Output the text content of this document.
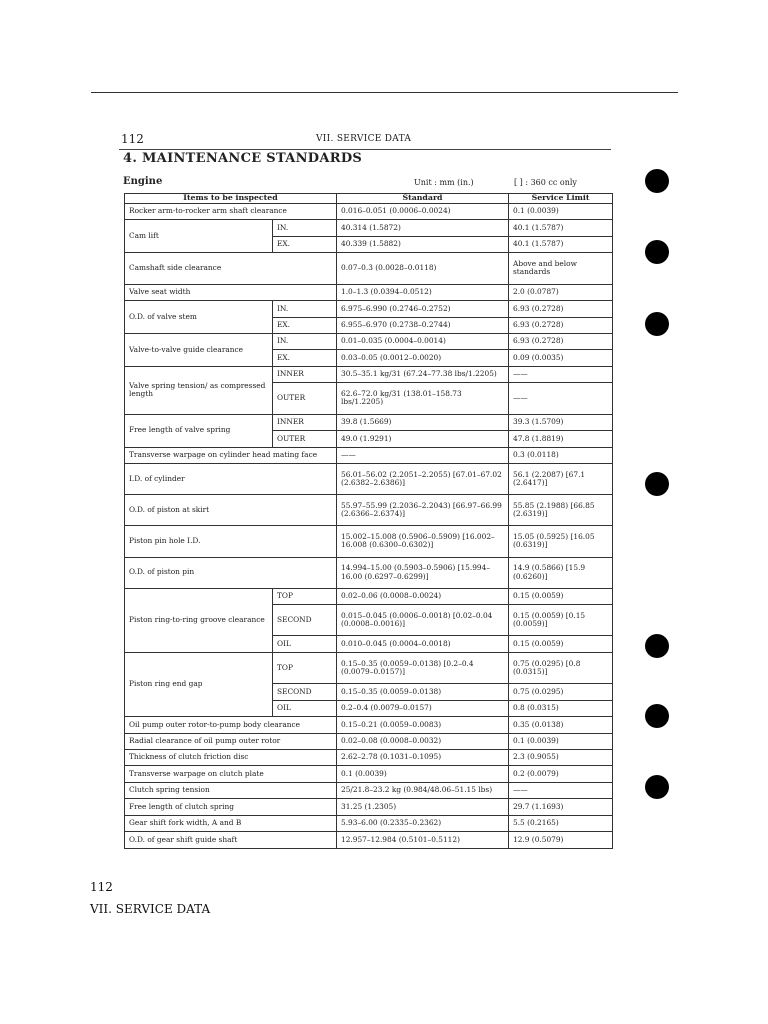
112	VII. SERVICE DATA
4. MAINTENANCE STANDARDS
Engine	Unit : mm (in.)	[ ] : 360 cc only
Items to be inspected		Standard	Service Limit
Rocker arm-to-rocker arm shaft clearance		0.016–0.051 (0.0006–0.0024)	0.1 (0.0039)
Cam lift	IN.	40.314 (1.5872)	40.1 (1.5787)
	EX.	40.339 (1.5882)	40.1 (1.5787)
Camshaft side clearance		0.07–0.3 (0.0028–0.0118)	Above and below standards
Valve seat width		1.0–1.3 (0.0394–0.0512)	2.0 (0.0787)
O.D. of valve stem	IN.	6.975–6.990 (0.2746–0.2752)	6.93 (0.2728)
	EX.	6.955–6.970 (0.2738–0.2744)	6.93 (0.2728)
Valve-to-valve guide clearance	IN.	0.01–0.035 (0.0004–0.0014)	6.93 (0.2728)
	EX.	0.03–0.05 (0.0012–0.0020)	0.09 (0.0035)
Valve spring tension/ as compressed length	INNER	30.5–35.1 kg/31 (67.24–77.38 lbs/1.2205)	——
	OUTER	62.6–72.0 kg/31 (138.01–158.73 lbs/1.2205)	——
Free length of valve spring	INNER	39.8 (1.5669)	39.3 (1.5709)
	OUTER	49.0 (1.9291)	47.8 (1.8819)
Transverse warpage on cylinder head mating face		——	0.3 (0.0118)
I.D. of cylinder		56.01–56.02 (2.2051–2.2055) [67.01–67.02 (2.6382–2.6386)]	56.1 (2.2087) [67.1 (2.6417)]
O.D. of piston at skirt		55.97–55.99 (2.2036–2.2043) [66.97–66.99 (2.6366–2.6374)]	55.85 (2.1988) [66.85 (2.6319)]
Piston pin hole I.D.		15.002–15.008 (0.5906–0.5909) [16.002–16.008 (0.6300–0.6302)]	15.05 (0.5925) [16.05 (0.6319)]
O.D. of piston pin		14.994–15.00 (0.5903–0.5906) [15.994–16.00 (0.6297–0.6299)]	14.9 (0.5866) [15.9 (0.6260)]
Piston ring-to-ring groove clearance	TOP	0.02–0.06 (0.0008–0.0024)	0.15 (0.0059)
	SECOND	0.015–0.045 (0.0006–0.0018) [0.02–0.04 (0.0008–0.0016)]	0.15 (0.0059) [0.15 (0.0059)]
	OIL	0.010–0.045 (0.0004–0.0018)	0.15 (0.0059)
Piston ring end gap	TOP	0.15–0.35 (0.0059–0.0138) [0.2–0.4 (0.0079–0.0157)]	0.75 (0.0295) [0.8 (0.0315)]
	SECOND	0.15–0.35 (0.0059–0.0138)	0.75 (0.0295)
	OIL	0.2–0.4 (0.0079–0.0157)	0.8 (0.0315)
Oil pump outer rotor-to-pump body clearance		0.15–0.21 (0.0059–0.0083)	0.35 (0.0138)
Radial clearance of oil pump outer rotor		0.02–0.08 (0.0008–0.0032)	0.1 (0.0039)
Thickness of clutch friction disc		2.62–2.78 (0.1031–0.1095)	2.3 (0.9055)
Transverse warpage on clutch plate		0.1 (0.0039)	0.2 (0.0079)
Clutch spring tension		25/21.8–23.2 kg (0.984/48.06–51.15 lbs)	——
Free length of clutch spring		31.25 (1.2305)	29.7 (1.1693)
Gear shift fork width, A and B		5.93–6.00 (0.2335–0.2362)	5.5 (0.2165)
O.D. of gear shift guide shaft		12.957–12.984 (0.5101–0.5112)	12.9 (0.5079)
112
VII. SERVICE DATA
